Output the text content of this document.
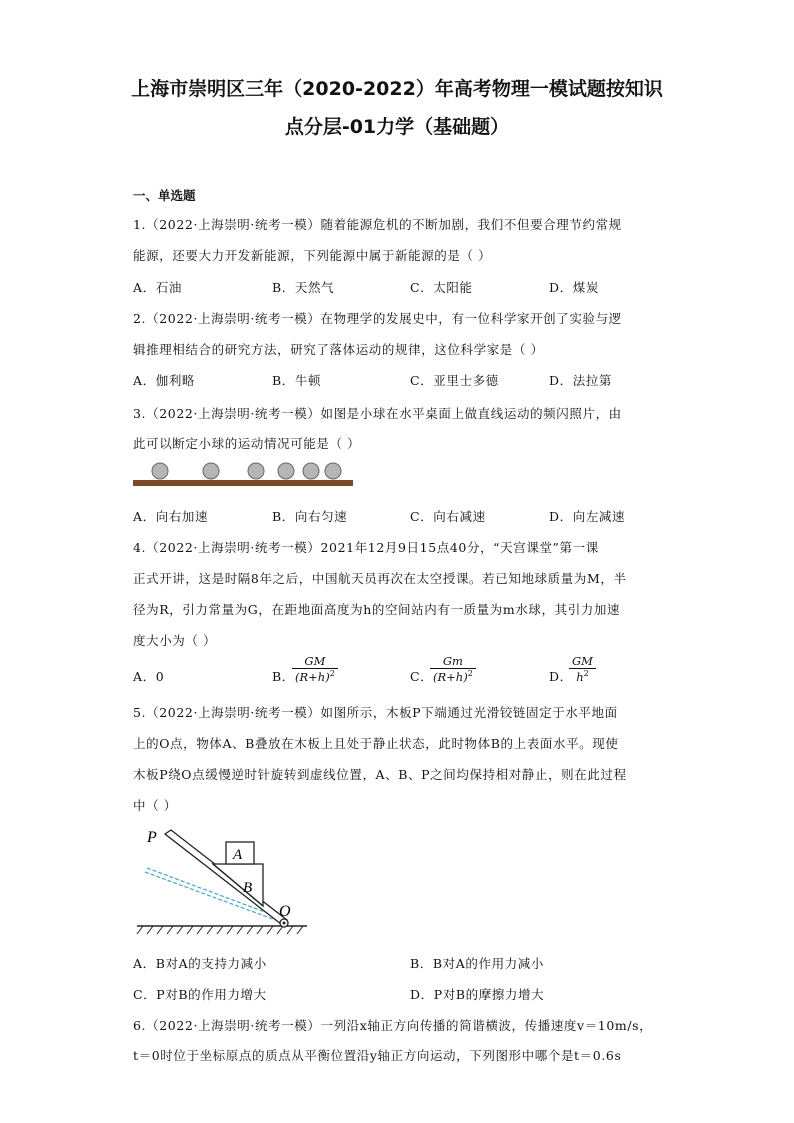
上海市崇明区三年（2020-2022）年高考物理一模试题按知识
点分层-01力学（基础题）
一、单选题
1.（2022·上海崇明·统考一模）随着能源危机的不断加剧，我们不但要合理节约常规
能源，还要大力开发新能源，下列能源中属于新能源的是（ ）
A．石油	B．天然气	C．太阳能	D．煤炭
2.（2022·上海崇明·统考一模）在物理学的发展史中，有一位科学家开创了实验与逻
辑推理相结合的研究方法，研究了落体运动的规律，这位科学家是（ ）
A．伽利略	B．牛顿	C．亚里士多德	D．法拉第
3.（2022·上海崇明·统考一模）如图是小球在水平桌面上做直线运动的频闪照片，由
此可以断定小球的运动情况可能是（ ）
A．向右加速	B．向右匀速	C．向右减速	D．向左减速
4.（2022·上海崇明·统考一模）2021年12月9日15点40分，“天宫课堂”第一课
正式开讲，这是时隔8年之后，中国航天员再次在太空授课。若已知地球质量为M，半
径为R，引力常量为G，在距地面高度为h的空间站内有一质量为m水球，其引力加速
度大小为（ ）
A．0	B．
$\frac{GM}{(R+h)^2}$	C．
$\frac{Gm}{(R+h)^2}$	D．
$\frac{GM}{h^2}$
5.（2022·上海崇明·统考一模）如图所示，木板P下端通过光滑铰链固定于水平地面
上的O点，物体A、B叠放在木板上且处于静止状态，此时物体B的上表面水平。现使
木板P绕O点缓慢逆时针旋转到虚线位置，A、B、P之间均保持相对静止，则在此过程
中（ ）
P
A
B
O
A．B对A的支持力减小	B．B对A的作用力减小
C．P对B的作用力增大	D．P对B的摩擦力增大
6.（2022·上海崇明·统考一模）一列沿x轴正方向传播的简谐横波，传播速度v＝10m/s，
t＝0时位于坐标原点的质点从平衡位置沿y轴正方向运动，下列图形中哪个是t＝0.6s
